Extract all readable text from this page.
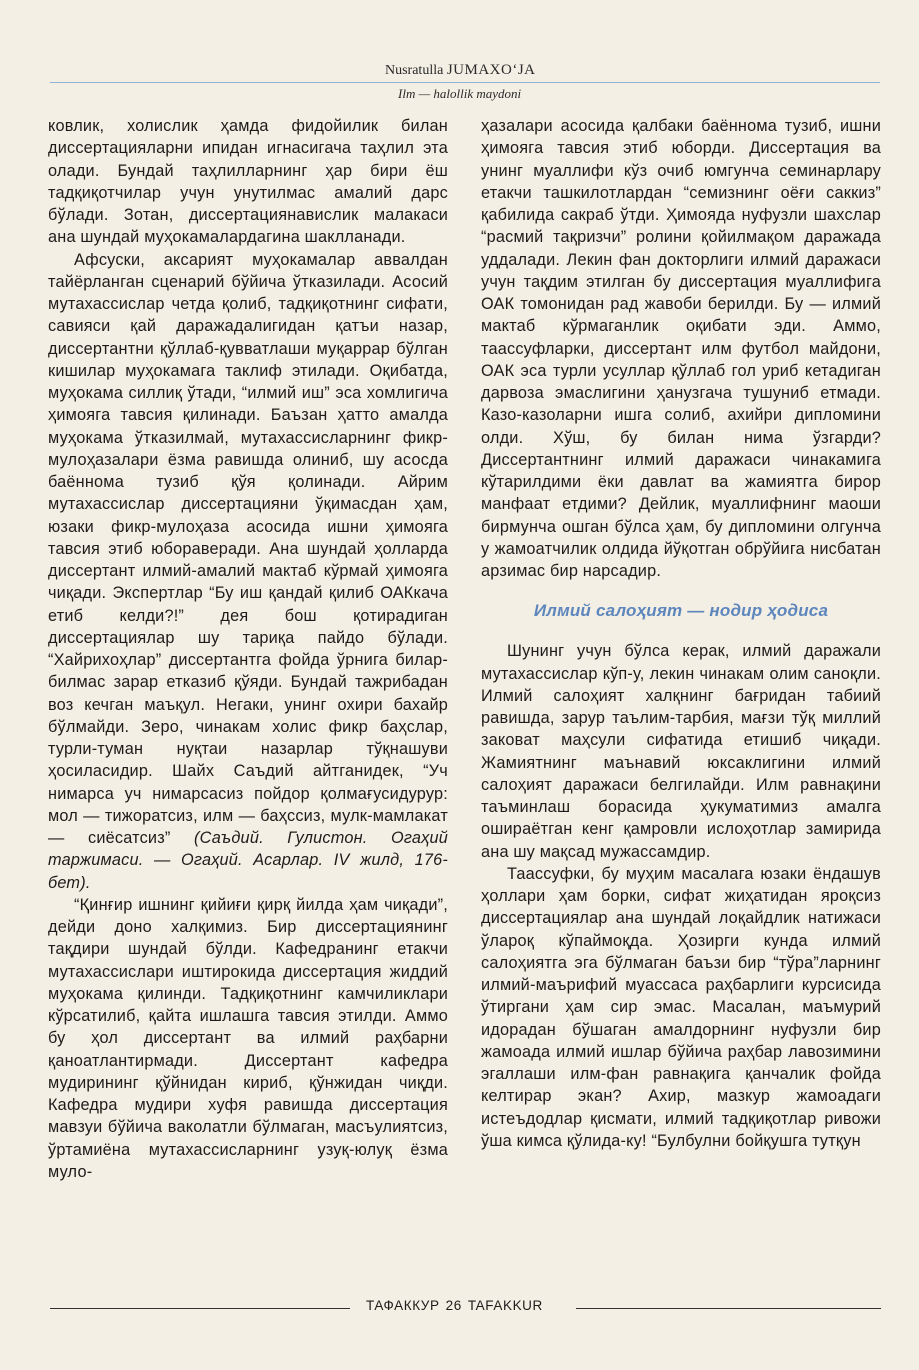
Nusratulla JUMAXO‘JA
Ilm — halollik maydoni

ковлик, холислик ҳамда фидойилик билан диссертацияларни ипидан игнасигача таҳлил эта олади. Бундай таҳлилларнинг ҳар бири ёш тадқиқотчилар учун унутилмас амалий дарс бўлади. Зотан, диссертациянавислик малакаси ана шундай муҳокамалардагина шаклланади.

Афсуски, аксарият муҳокамалар аввалдан тайёрланган сценарий бўйича ўтказилади. Асосий мутахассислар четда қолиб, тадқиқотнинг сифати, савияси қай даражадалигидан қатъи назар, диссертантни қўллаб-қувватлаши муқаррар бўлган кишилар муҳокамага таклиф этилади. Оқибатда, муҳокама силлиқ ўтади, “илмий иш” эса хомлигича ҳимояга тавсия қилинади. Баъзан ҳатто амалда муҳокама ўтказилмай, мутахассисларнинг фикр-мулоҳазалари ёзма равишда олиниб, шу асосда баённома тузиб қўя қолинади. Айрим мутахассислар диссертацияни ўқимасдан ҳам, юзаки фикр-мулоҳаза асосида ишни ҳимояга тавсия этиб юбораверади. Ана шундай ҳолларда диссертант илмий-амалий мактаб кўрмай ҳимояга чиқади. Экспертлар “Бу иш қандай қилиб ОАКкача етиб келди?!” дея бош қотирадиган диссертациялар шу тариқа пайдо бўлади. “Хайрихоҳлар” диссертантга фойда ўрнига билар-билмас зарар етказиб қўяди. Бундай тажрибадан воз кечган маъқул. Негаки, унинг охири бахайр бўлмайди. Зеро, чинакам холис фикр баҳслар, турли-туман нуқтаи назарлар тўқнашуви ҳосиласидир. Шайх Саъдий айтганидек, “Уч нимарса уч нимарсасиз пойдор қолмағусидурур: мол — тижоратсиз, илм — баҳссиз, мулк-мамлакат — сиёсатсиз” (Саъдий. Гулистон. Огаҳий таржимаси. — Огаҳий. Асарлар. IV жилд, 176-бет).

“Қинғир ишнинг қийиғи қирқ йилда ҳам чиқади”, дейди доно халқимиз. Бир диссертациянинг тақдири шундай бўлди. Кафедранинг етакчи мутахассислари иштирокида диссертация жиддий муҳокама қилинди. Тадқиқотнинг камчиликлари кўрсатилиб, қайта ишлашга тавсия этилди. Аммо бу ҳол диссертант ва илмий раҳбарни қаноатлантирмади. Диссертант кафедра мудирининг қўйнидан кириб, қўнжидан чиқди. Кафедра мудири хуфя равишда диссертация мавзуи бўйича ваколатли бўлмаган, масъулиятсиз, ўртамиёна мутахассисларнинг узуқ-юлуқ ёзма муло-

ҳазалари асосида қалбаки баённома тузиб, ишни ҳимояга тавсия этиб юборди. Диссертация ва унинг муаллифи кўз очиб юмгунча семинарлару етакчи ташкилотлардан “семизнинг оёғи саккиз” қабилида сакраб ўтди. Ҳимояда нуфузли шахслар “расмий тақризчи” ролини қойилмақом даражада уддалади. Лекин фан докторлиги илмий даражаси учун тақдим этилган бу диссертация муаллифига ОАК томонидан рад жавоби берилди. Бу — илмий мактаб кўрмаганлик оқибати эди. Аммо, таассуфларки, диссертант илм футбол майдони, ОАК эса турли усуллар қўллаб гол уриб кетадиган дарвоза эмаслигини ҳанузгача тушуниб етмади. Казо-казоларни ишга солиб, ахийри дипломини олди. Хўш, бу билан нима ўзгарди? Диссертантнинг илмий даражаси чинакамига кўтарилдими ёки давлат ва жамиятга бирор манфаат етдими? Дейлик, муаллифнинг маоши бирмунча ошган бўлса ҳам, бу дипломини олгунча у жамоатчилик олдида йўқотган обрўйига нисбатан арзимас бир нарсадир.

Илмий салоҳият — нодир ҳодиса

Шунинг учун бўлса керак, илмий даражали мутахассислар кўп-у, лекин чинакам олим саноқли. Илмий салоҳият халқнинг бағридан табиий равишда, зарур таълим-тарбия, мағзи тўқ миллий заковат маҳсули сифатида етишиб чиқади. Жамиятнинг маънавий юксаклигини илмий салоҳият даражаси белгилайди. Илм равнақини таъминлаш борасида ҳукуматимиз амалга ошираётган кенг қамровли ислоҳотлар замирида ана шу мақсад мужассамдир.

Таассуфки, бу муҳим масалага юзаки ёндашув ҳоллари ҳам борки, сифат жиҳатидан яроқсиз диссертациялар ана шундай лоқайдлик натижаси ўлароқ кўпаймоқда. Ҳозирги кунда илмий салоҳиятга эга бўлмаган баъзи бир “тўра”ларнинг илмий-маърифий муассаса раҳбарлиги курсисида ўтиргани ҳам сир эмас. Масалан, маъмурий идорадан бўшаган амалдорнинг нуфузли бир жамоада илмий ишлар бўйича раҳбар лавозимини эгаллаши илм-фан равнақига қанчалик фойда келтирар экан? Ахир, мазкур жамоадаги истеъдодлар қисмати, илмий тадқиқотлар ривожи ўша кимса қўлида-ку! “Булбулни бойқушга тутқун

ТАФАККУР 26 TAFAKKUR
